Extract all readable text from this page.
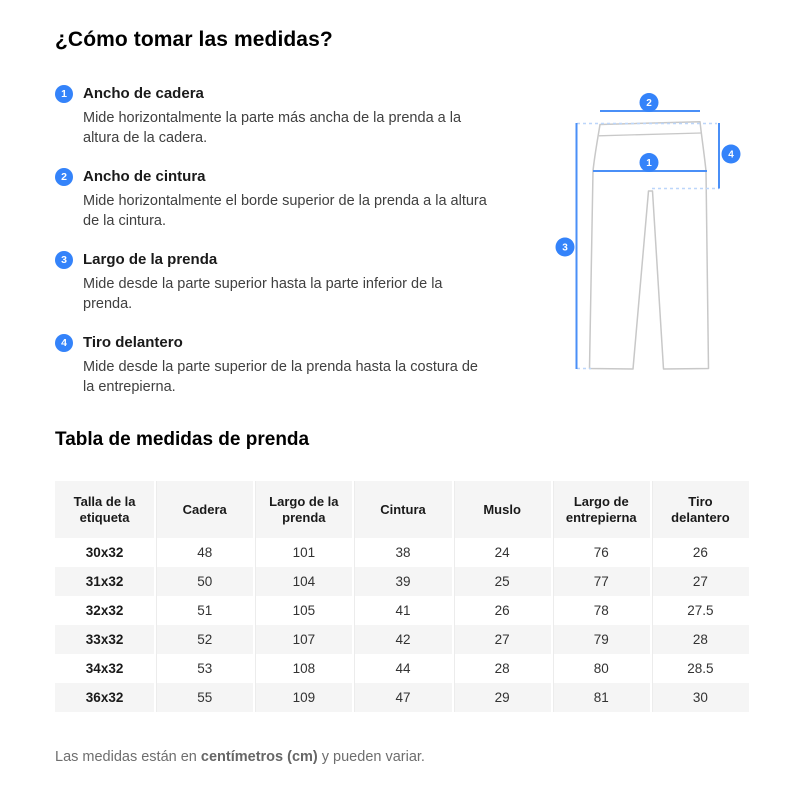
¿Cómo tomar las medidas?
1	Ancho de cadera

Mide horizontalmente la parte más ancha de la prenda a la altura de la cadera.

2	Ancho de cintura

Mide horizontalmente el borde superior de la prenda a la altura de la cintura.

3	Largo de la prenda

Mide desde la parte superior hasta la parte inferior de la prenda.

4	Tiro delantero

Mide desde la parte superior de la prenda hasta la costura de la entrepierna.

2
1
3
4
Tabla de medidas de prenda
Talla de la etiqueta	Cadera	Largo de la prenda	Cintura	Muslo	Largo de entrepierna	Tiro delantero
30x32	48	101	38	24	76	26
31x32	50	104	39	25	77	27
32x32	51	105	41	26	78	27.5
33x32	52	107	42	27	79	28
34x32	53	108	44	28	80	28.5
36x32	55	109	47	29	81	30

Las medidas están en centímetros (cm) y pueden variar.
